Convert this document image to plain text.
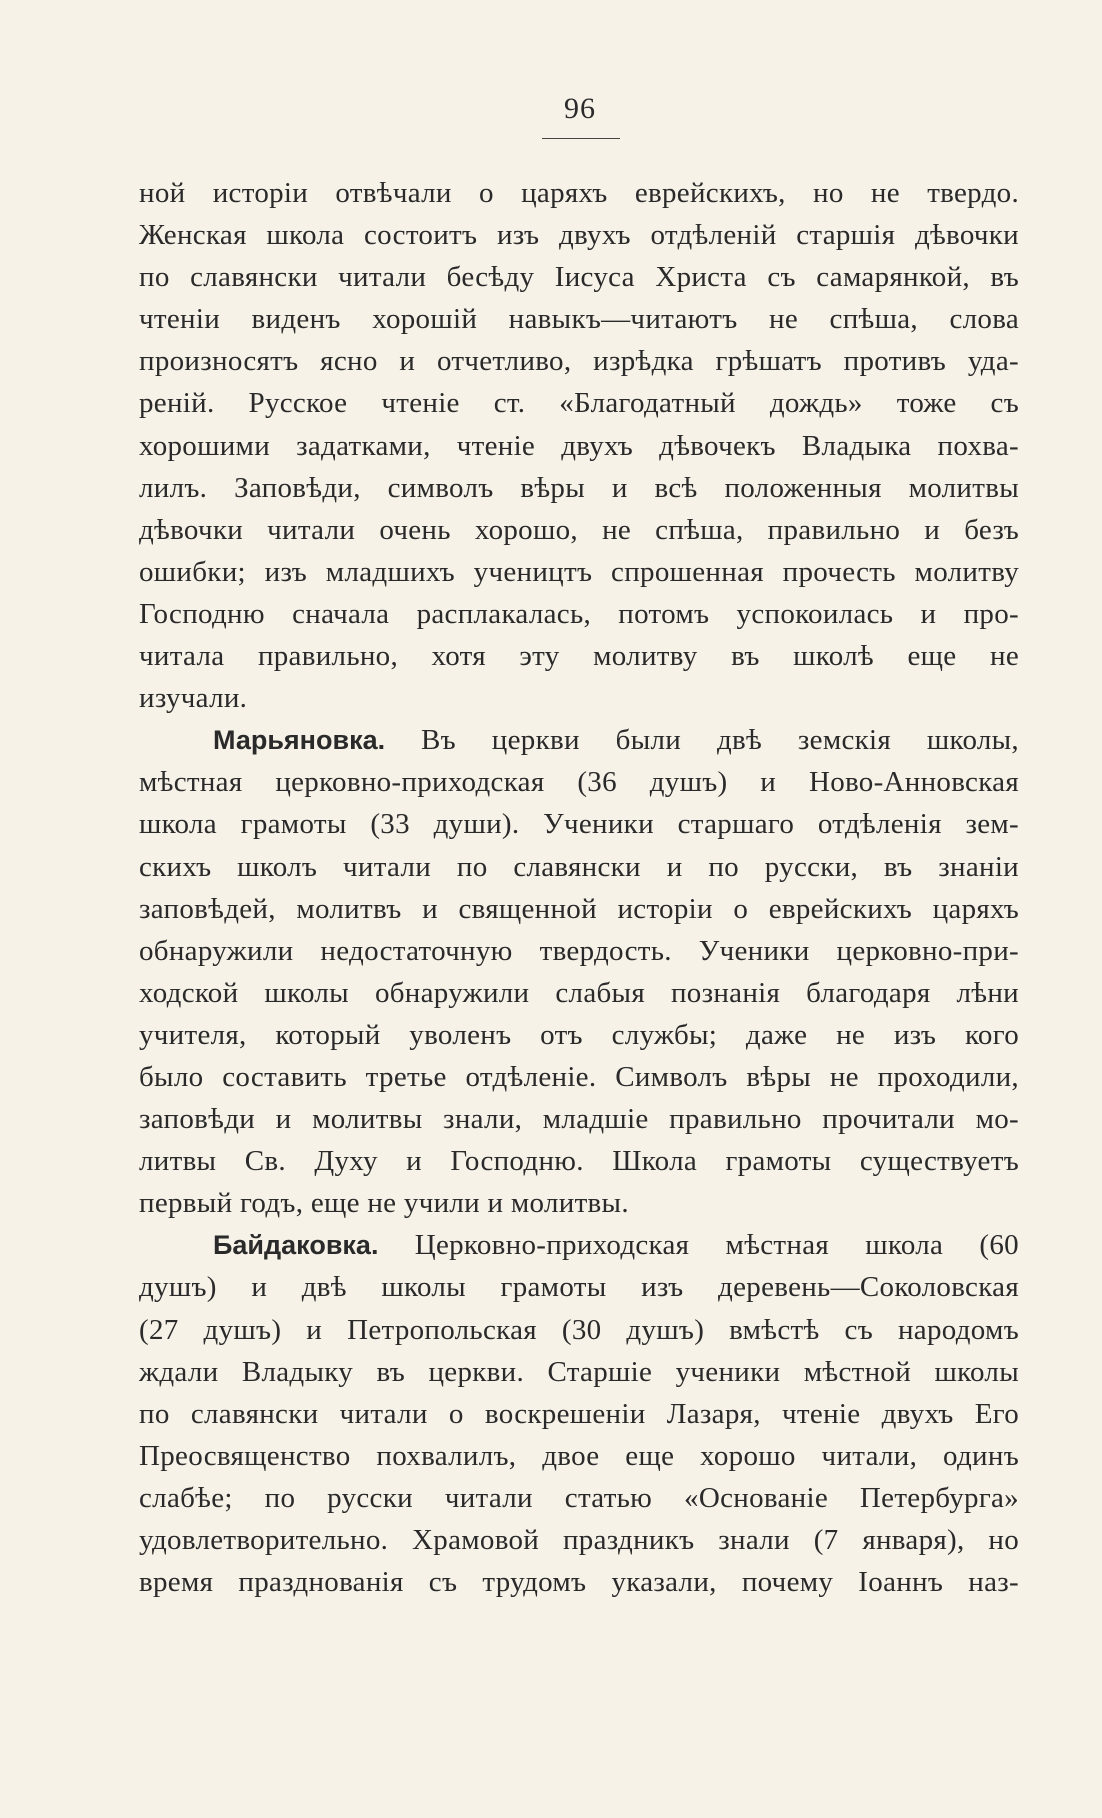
96
ной исторіи отвѣчали о царяхъ еврейскихъ, но не твердо.
Женская школа состоитъ изъ двухъ отдѣленій старшія дѣвочки
по славянски читали бесѣду Іисуса Христа съ самарянкой, въ
чтеніи виденъ хорошій навыкъ—читаютъ не спѣша, слова
произносятъ ясно и отчетливо, изрѣдка грѣшатъ противъ уда-
реній. Русское чтеніе ст. «Благодатный дождь» тоже съ
хорошими задатками, чтеніе двухъ дѣвочекъ Владыка похва-
лилъ. Заповѣди, символъ вѣры и всѣ положенныя молитвы
дѣвочки читали очень хорошо, не спѣша, правильно и безъ
ошибки; изъ младшихъ учеництъ спрошенная прочесть молитву
Господню сначала расплакалась, потомъ успокоилась и про-
читала правильно, хотя эту молитву въ школѣ еще не
изучали.
Марьяновка. Въ церкви были двѣ земскія школы,
мѣстная церковно-приходская (36 душъ) и Ново-Анновская
школа грамоты (33 души). Ученики старшаго отдѣленія зем-
скихъ школъ читали по славянски и по русски, въ знаніи
заповѣдей, молитвъ и священной исторіи о еврейскихъ царяхъ
обнаружили недостаточную твердость. Ученики церковно-при-
ходской школы обнаружили слабыя познанія благодаря лѣни
учителя, который уволенъ отъ службы; даже не изъ кого
было составить третье отдѣленіе. Символъ вѣры не проходили,
заповѣди и молитвы знали, младшіе правильно прочитали мо-
литвы Св. Духу и Господню. Школа грамоты существуетъ
первый годъ, еще не учили и молитвы.
Байдаковка. Церковно-приходская мѣстная школа (60
душъ) и двѣ школы грамоты изъ деревень—Соколовская
(27 душъ) и Петропольская (30 душъ) вмѣстѣ съ народомъ
ждали Владыку въ церкви. Старшіе ученики мѣстной школы
по славянски читали о воскрешеніи Лазаря, чтеніе двухъ Его
Преосвященство похвалилъ, двое еще хорошо читали, одинъ
слабѣе; по русски читали статью «Основаніе Петербурга»
удовлетворительно. Храмовой праздникъ знали (7 января), но
время празднованія съ трудомъ указали, почему Іоаннъ наз-
